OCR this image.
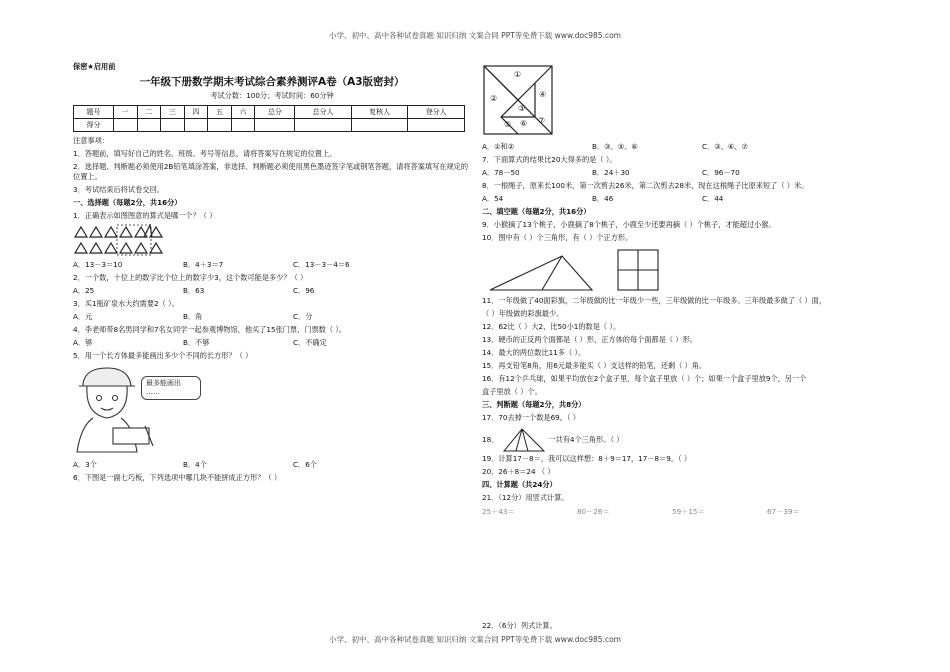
小学、初中、高中各种试卷真题 知识归纳 文案合同 PPT等免费下载 www.doc985.com
保密★启用前
一年级下册数学期末考试综合素养测评A卷（A3版密封）
考试分数：100分；考试时间：60分钟
题号	一	二	三	四	五	六	总分	总分人	复核人	登分人
得分										
注意事项：
1．答题前，填写好自己的姓名、班级、考号等信息，请将答案写在规定的位置上。
2．选择题、判断题必须使用2B铅笔填涂答案，非选择、判断题必须使用黑色墨迹签字笔或钢笔答题，请将答案填写在规定的位置上。
3．考试结束后将试卷交回。
一、选择题（每题2分，共16分）
1．正确表示如图图意的算式是哪一个？（ ）
A．13－3＝10	B．4＋3＝7	C．13－3－4＝6
2．一个数，十位上的数字比个位上的数字少3，这个数可能是多少？（ ）
A．25	B．63	C．96
3．买1瓶矿泉水大约需要2（ ）。
A．元	B．角	C．分
4．李老师带8名男同学和7名女同学一起参观博物馆，他买了15张门票，门票数（ ）。
A．够	B．不够	C．不确定
5．用一个长方体最多能画出多少个不同的长方形？（ ）
最多能画出
……
A．3个	B．4个	C．6个
6．下图是一副七巧板，下列选项中哪几块不能拼成正方形？（ ）
①
②
③
④
⑤ ⑥ ⑦
A．①和②	B．③、⑤、⑥	C．③、⑥、⑦
7．下面算式的结果比20大得多的是（ ）。
A．78－50	B．24＋30	C．96－70
8．一根绳子，原来长100米，第一次剪去26米，第二次剪去28米，现在这根绳子比原来短了（ ）米。
A．54	B．46	C．44
二、填空题（每题2分，共16分）
9．小猴摘了13个桃子，小鹿摘了8个桃子，小鹿至少还要再摘（ ）个桃子，才能超过小猴。
10．图中有（ ）个三角形，有（ ）个正方形。
11．一年级做了40面彩旗，二年级做的比一年级少一些，三年级做的比一年级多。三年级最多做了（ ）面，
（ ）年级做的彩旗最少。
12．62比（ ）大2，比50小1的数是（ ）。
13．硬币的正反两个面都是（ ）形，正方体的每个面都是（ ）形。
14．最大的两位数比11多（ ）。
15．再支铅笔8角，用6元最多能买（ ）支这样的铅笔，还剩（ ）角。
16．有12个乒乓球，如果平均放在2个盒子里，每个盒子里放（ ）个；如果一个盒子里放9个，另一个
盒子里放（ ）个。
三、判断题（每题2分，共8分）
17．70去掉一个数是69。（ ）
18．	一共有4个三角形。（ ）
19．计算17－8＝，我可以这样想：8＋9＝17，17－8＝9。（ ）
20．26＋8＝24 （ ）
四、计算题（共24分）
21．（12分）用竖式计算。
25＋43＝	80－26＝	59＋15＝	67－39＝
22．（6分）列式计算。
小学、初中、高中各种试卷真题 知识归纳 文案合同 PPT等免费下载 www.doc985.com
